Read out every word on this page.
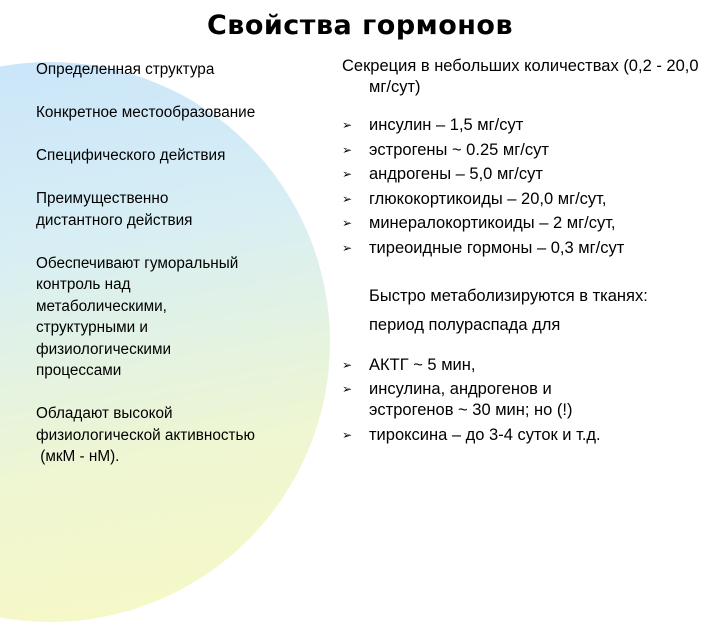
Свойства гормонов
Определенная структура
Конкретное местообразование
Специфического действия
Преимущественно
дистантного действия
Обеспечивают гуморальный
контроль над
метаболическими,
структурными и
физиологическими
процессами
Обладают высокой
физиологической активностью
(мкМ - нМ).
Секреция в небольших количествах (0,2 - 20,0 мг/сут)
➢	инсулин – 1,5 мг/сут
➢	эстрогены ~ 0.25 мг/сут
➢	андрогены – 5,0 мг/сут
➢	глюкокортикоиды – 20,0 мг/сут,
➢	минералокортикоиды – 2 мг/сут,
➢	тиреоидные гормоны – 0,3 мг/сут
Быстро метаболизируются в тканях:
период полураспада для
➢	АКТГ ~ 5 мин,
➢	инсулина, андрогенов и эстрогенов ~ 30 мин; но (!)
➢	тироксина – до 3-4 суток и т.д.
